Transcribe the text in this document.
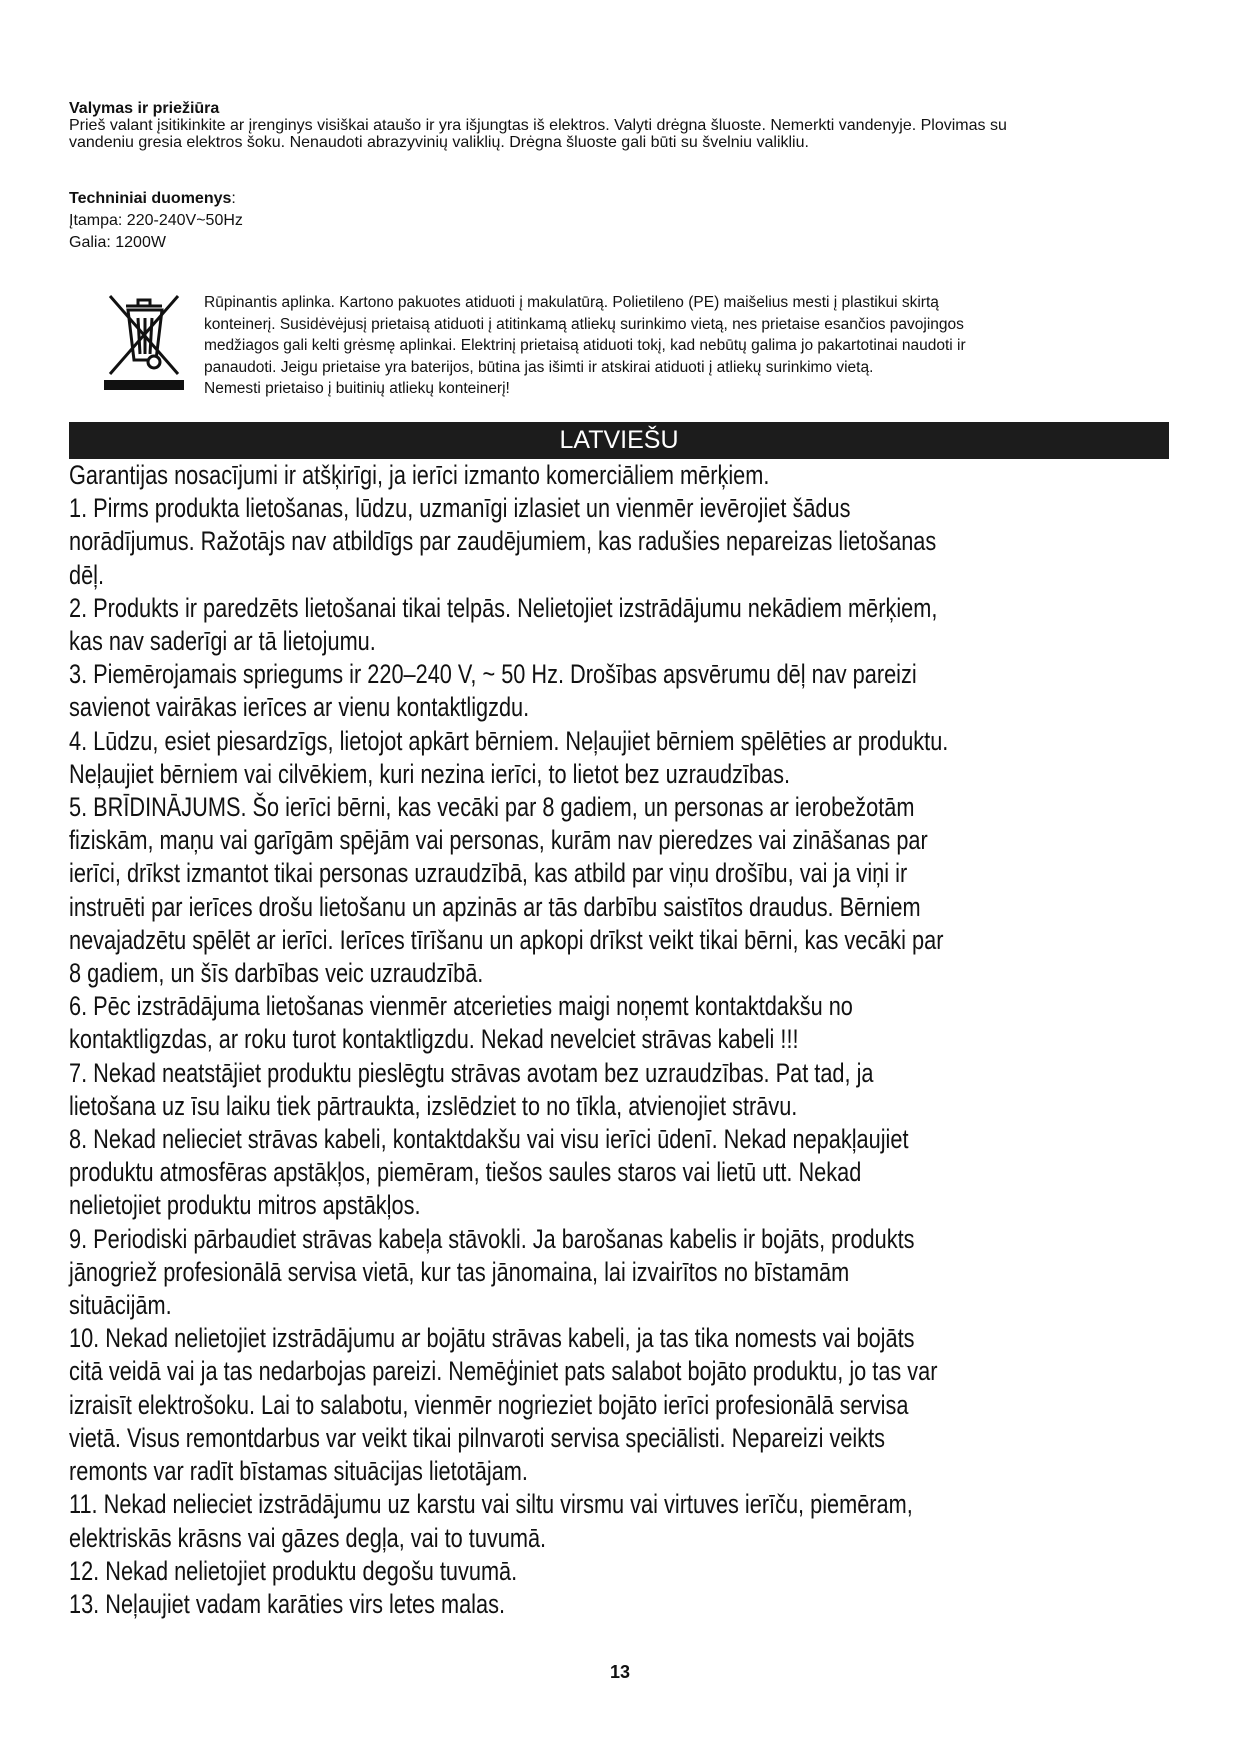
Valymas ir priežiūra
Prieš valant įsitikinkite ar įrenginys visiškai ataušo ir yra išjungtas iš elektros. Valyti drėgna šluoste. Nemerkti vandenyje. Plovimas su
vandeniu gresia elektros šoku. Nenaudoti abrazyvinių valiklių. Drėgna šluoste gali būti su švelniu valikliu.
Techniniai duomenys:
Įtampa: 220-240V~50Hz
Galia: 1200W
Rūpinantis aplinka. Kartono pakuotes atiduoti į makulatūrą. Polietileno (PE) maišelius mesti į plastikui skirtą
konteinerį. Susidėvėjusį prietaisą atiduoti į atitinkamą atliekų surinkimo vietą, nes prietaise esančios pavojingos
medžiagos gali kelti grėsmę aplinkai. Elektrinį prietaisą atiduoti tokį, kad nebūtų galima jo pakartotinai naudoti ir
panaudoti. Jeigu prietaise yra baterijos, būtina jas išimti ir atskirai atiduoti į atliekų surinkimo vietą.
Nemesti prietaiso į buitinių atliekų konteinerį!
LATVIEŠU
Garantijas nosacījumi ir atšķirīgi, ja ierīci izmanto komerciāliem mērķiem.
1. Pirms produkta lietošanas, lūdzu, uzmanīgi izlasiet un vienmēr ievērojiet šādus
norādījumus. Ražotājs nav atbildīgs par zaudējumiem, kas radušies nepareizas lietošanas
dēļ.
2. Produkts ir paredzēts lietošanai tikai telpās. Nelietojiet izstrādājumu nekādiem mērķiem,
kas nav saderīgi ar tā lietojumu.
3. Piemērojamais spriegums ir 220–240 V, ~ 50 Hz. Drošības apsvērumu dēļ nav pareizi
savienot vairākas ierīces ar vienu kontaktligzdu.
4. Lūdzu, esiet piesardzīgs, lietojot apkārt bērniem. Neļaujiet bērniem spēlēties ar produktu.
Neļaujiet bērniem vai cilvēkiem, kuri nezina ierīci, to lietot bez uzraudzības.
5. BRĪDINĀJUMS. Šo ierīci bērni, kas vecāki par 8 gadiem, un personas ar ierobežotām
fiziskām, maņu vai garīgām spējām vai personas, kurām nav pieredzes vai zināšanas par
ierīci, drīkst izmantot tikai personas uzraudzībā, kas atbild par viņu drošību, vai ja viņi ir
instruēti par ierīces drošu lietošanu un apzinās ar tās darbību saistītos draudus. Bērniem
nevajadzētu spēlēt ar ierīci. Ierīces tīrīšanu un apkopi drīkst veikt tikai bērni, kas vecāki par
8 gadiem, un šīs darbības veic uzraudzībā.
6. Pēc izstrādājuma lietošanas vienmēr atcerieties maigi noņemt kontaktdakšu no
kontaktligzdas, ar roku turot kontaktligzdu. Nekad nevelciet strāvas kabeli !!!
7. Nekad neatstājiet produktu pieslēgtu strāvas avotam bez uzraudzības. Pat tad, ja
lietošana uz īsu laiku tiek pārtraukta, izslēdziet to no tīkla, atvienojiet strāvu.
8. Nekad nelieciet strāvas kabeli, kontaktdakšu vai visu ierīci ūdenī. Nekad nepakļaujiet
produktu atmosfēras apstākļos, piemēram, tiešos saules staros vai lietū utt. Nekad
nelietojiet produktu mitros apstākļos.
9. Periodiski pārbaudiet strāvas kabeļa stāvokli. Ja barošanas kabelis ir bojāts, produkts
jānogriež profesionālā servisa vietā, kur tas jānomaina, lai izvairītos no bīstamām
situācijām.
10. Nekad nelietojiet izstrādājumu ar bojātu strāvas kabeli, ja tas tika nomests vai bojāts
citā veidā vai ja tas nedarbojas pareizi. Nemēģiniet pats salabot bojāto produktu, jo tas var
izraisīt elektrošoku. Lai to salabotu, vienmēr nogrieziet bojāto ierīci profesionālā servisa
vietā. Visus remontdarbus var veikt tikai pilnvaroti servisa speciālisti. Nepareizi veikts
remonts var radīt bīstamas situācijas lietotājam.
11. Nekad nelieciet izstrādājumu uz karstu vai siltu virsmu vai virtuves ierīču, piemēram,
elektriskās krāsns vai gāzes degļa, vai to tuvumā.
12. Nekad nelietojiet produktu degošu tuvumā.
13. Neļaujiet vadam karāties virs letes malas.
13
